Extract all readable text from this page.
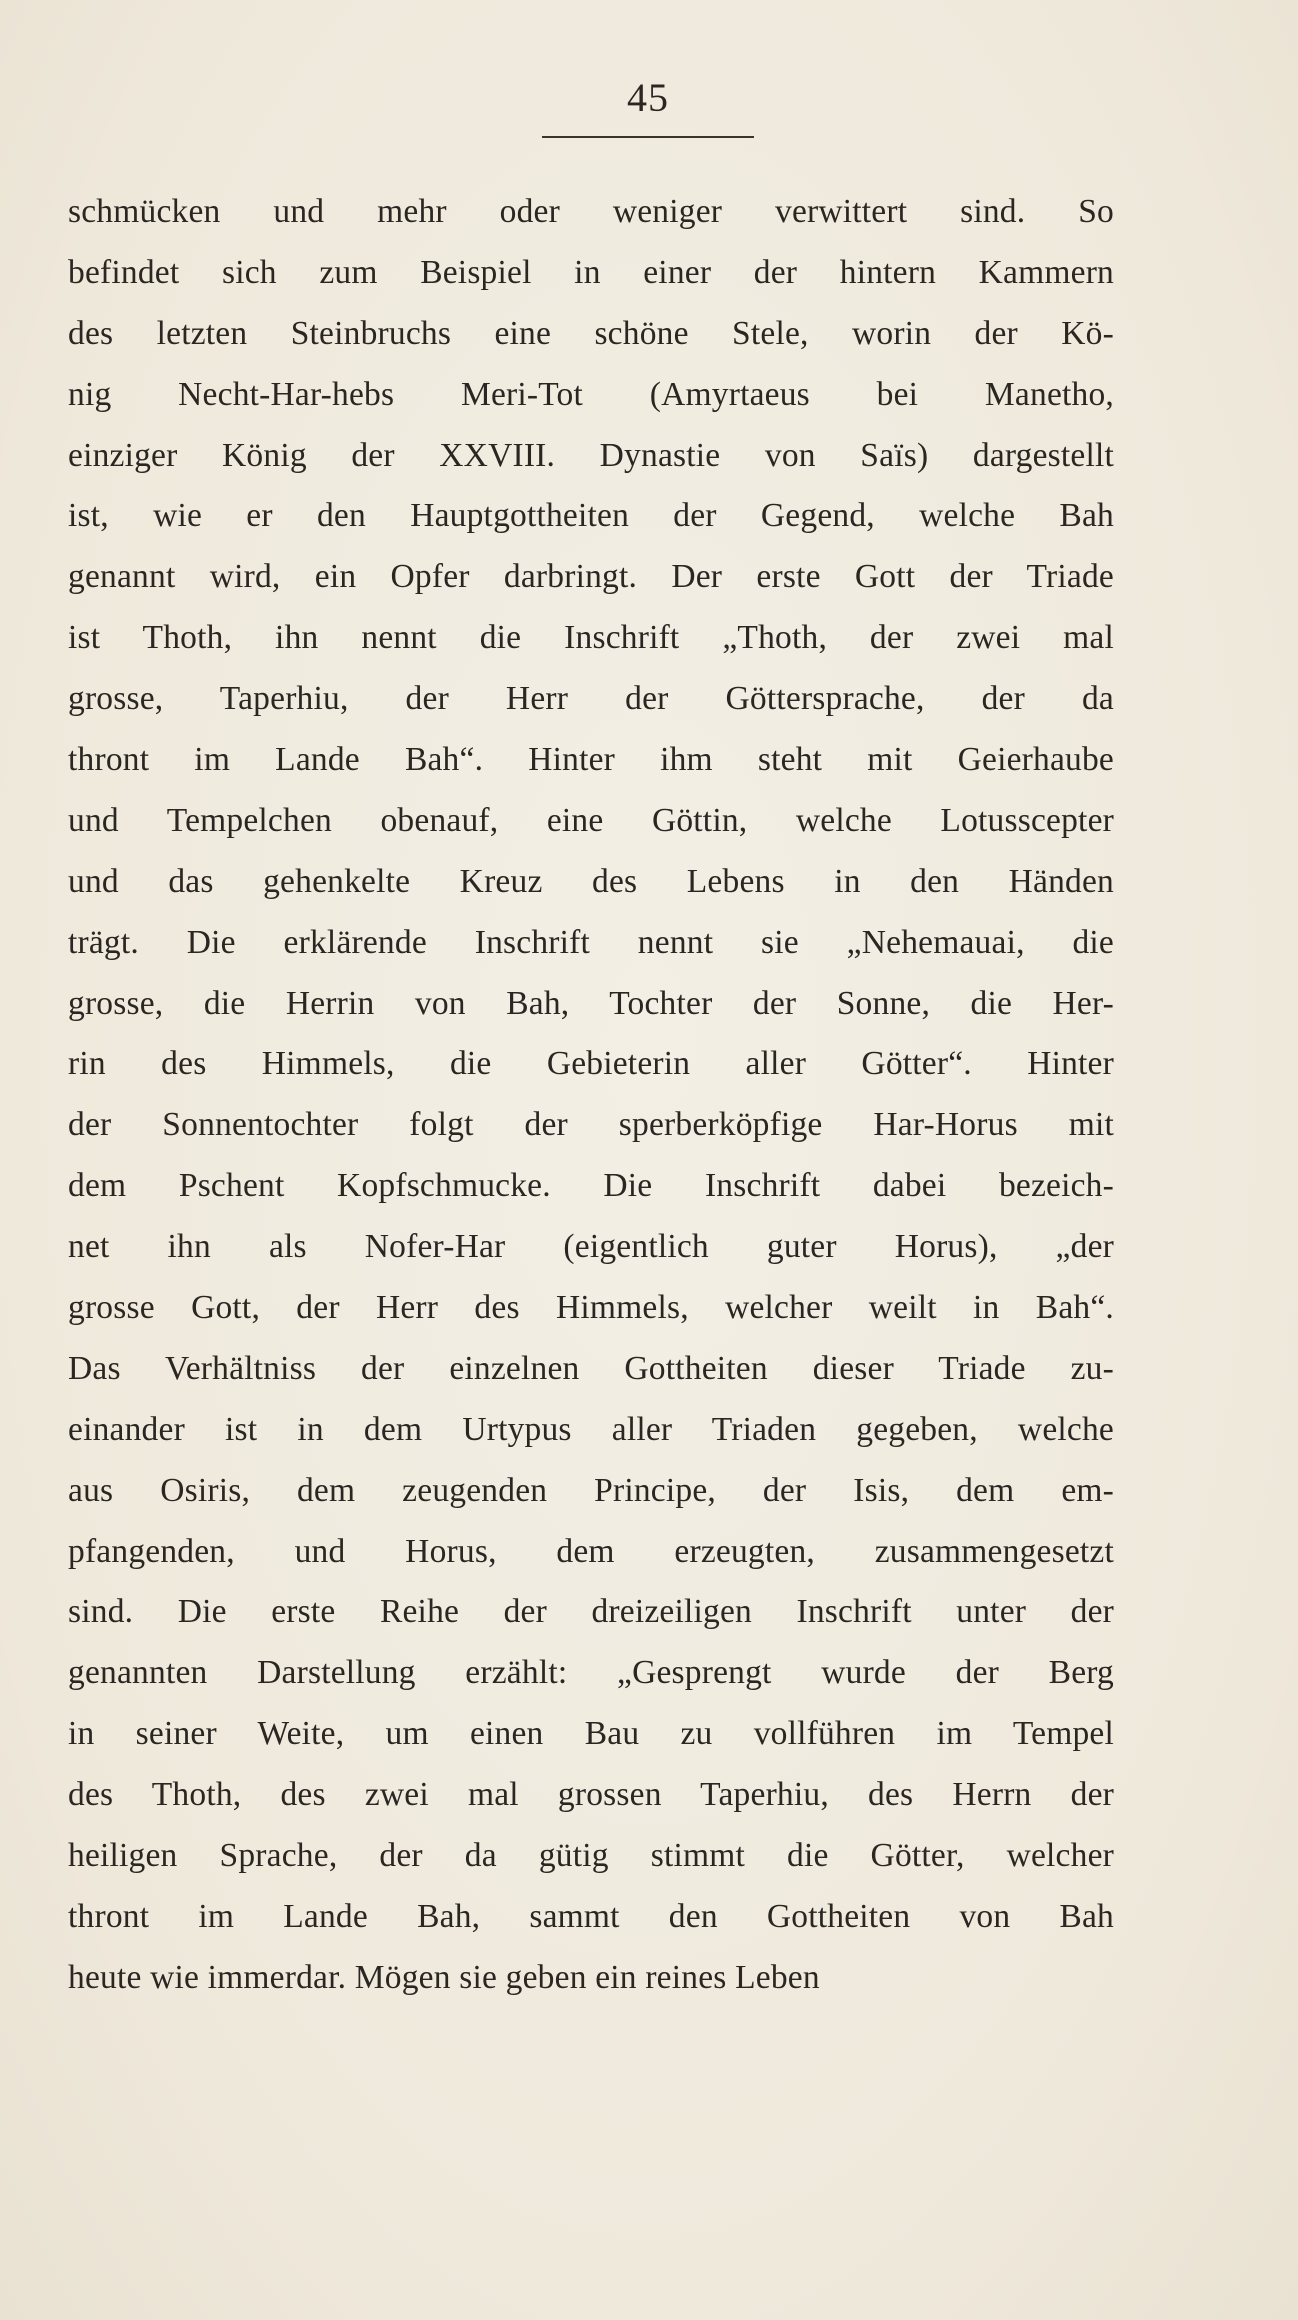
45
schmücken und mehr oder weniger verwittert sind. So
befindet sich zum Beispiel in einer der hintern Kammern
des letzten Steinbruchs eine schöne Stele, worin der Kö-
nig Necht-Har-hebs Meri-Tot (Amyrtaeus bei Manetho,
einziger König der XXVIII. Dynastie von Saïs) dargestellt
ist, wie er den Hauptgottheiten der Gegend, welche Bah
genannt wird, ein Opfer darbringt. Der erste Gott der Triade
ist Thoth, ihn nennt die Inschrift „Thoth, der zwei mal
grosse, Taperhiu, der Herr der Göttersprache, der da
thront im Lande Bah“. Hinter ihm steht mit Geierhaube
und Tempelchen obenauf, eine Göttin, welche Lotusscepter
und das gehenkelte Kreuz des Lebens in den Händen
trägt. Die erklärende Inschrift nennt sie „Nehemauai, die
grosse, die Herrin von Bah, Tochter der Sonne, die Her-
rin des Himmels, die Gebieterin aller Götter“. Hinter
der Sonnentochter folgt der sperberköpfige Har-Horus mit
dem Pschent Kopfschmucke. Die Inschrift dabei bezeich-
net ihn als Nofer-Har (eigentlich guter Horus), „der
grosse Gott, der Herr des Himmels, welcher weilt in Bah“.
Das Verhältniss der einzelnen Gottheiten dieser Triade zu-
einander ist in dem Urtypus aller Triaden gegeben, welche
aus Osiris, dem zeugenden Principe, der Isis, dem em-
pfangenden, und Horus, dem erzeugten, zusammengesetzt
sind. Die erste Reihe der dreizeiligen Inschrift unter der
genannten Darstellung erzählt: „Gesprengt wurde der Berg
in seiner Weite, um einen Bau zu vollführen im Tempel
des Thoth, des zwei mal grossen Taperhiu, des Herrn der
heiligen Sprache, der da gütig stimmt die Götter, welcher
thront im Lande Bah, sammt den Gottheiten von Bah
heute wie immerdar. Mögen sie geben ein reines Leben
